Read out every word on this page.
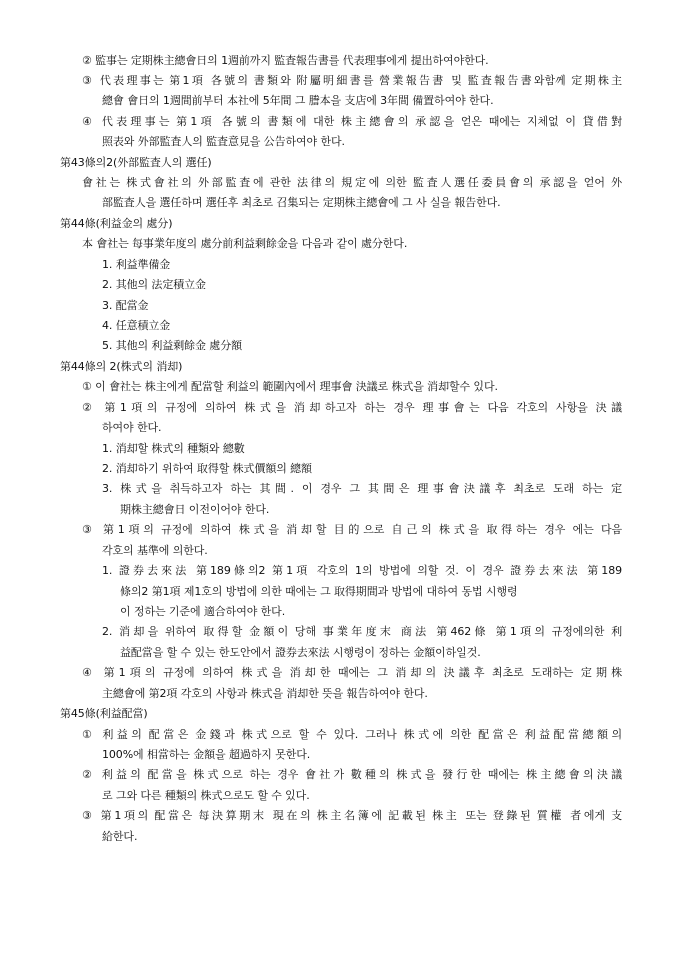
② 監事는 定期株主總會日의 1週前까지 監査報告書를 代表理事에게 提出하여야한다.
③ 代表理事는 第1項 各號의 書類와 附屬明細書를 營業報告書 및 監査報告書와함께 定期株主
總會 會日의 1週間前부터 本社에 5年間 그 謄本을 支店에 3年間 備置하여야 한다.
④ 代表理事는 第1項 各號의 書類에 대한 株主總會의 承認을 얻은 때에는 지체없 이 貸借對
照表와 外部監査人의 監査意見을 公告하여야 한다.
第43條의2(外部監査人의 選任)
會社는 株式會社의 外部監査에 관한 法律의 規定에 의한 監査人選任委員會의 承認을 얻어 外
部監査人을 選任하며 選任후 최초로 召集되는 定期株主總會에 그 사 실을 報告한다.
第44條(利益金의 處分)
本 會社는 每事業年度의 處分前利益剩餘金을 다음과 같이 處分한다.
1. 利益準備金
2. 其他의 法定積立金
3. 配當金
4. 任意積立金
5. 其他의 利益剩餘金 處分額
第44條의 2(株式의 消却)
① 이 會社는 株主에게 配當할 利益의 範圍內에서 理事會 決議로 株式을 消却할수 있다.
② 第1項의 규정에 의하여 株式을 消却하고자 하는 경우 理事會는 다음 각호의 사항을 決議
하여야 한다.
1. 消却할 株式의 種類와 總數
2. 消却하기 위하여 取得할 株式價額의 總額
3. 株式을 취득하고자 하는 其間. 이 경우 그 其間은 理事會決議후 최초로 도래 하는 定
期株主總會日 이전이어야 한다.
③ 第1項의 규정에 의하여 株式을 消却할 目的으로 自己의 株式을 取得하는 경우 에는 다음
각호의 基準에 의한다.
1. 證券去來法 第189條의2 第1項 각호의 1의 방법에 의할 것. 이 경우 證券去來法 第189
條의2 第1項 제1호의 방법에 의한 때에는 그 取得期間과 방법에 대하여 동법 시행령
이 정하는 기준에 適合하여야 한다.
2. 消却을 위하여 取得할 金額이 당해 事業年度末 商法 第462條 第1項의 규정에의한 利
益配當을 할 수 있는 한도안에서 證券去來法 시행령이 정하는 金額이하일것.
④ 第1項의 규정에 의하여 株式을 消却한 때에는 그 消却의 決議후 최초로 도래하는 定期株
主總會에 第2項 각호의 사항과 株式을 消却한 뜻을 報告하여야 한다.
第45條(利益配當)
① 利益의 配當은 金錢과 株式으로 할 수 있다. 그러나 株式에 의한 配當은 利益配當總額의
100%에 相當하는 金額을 超過하지 못한다.
② 利益의 配當을 株式으로 하는 경우 會社가 數種의 株式을 發行한 때에는 株主總會의決議
로 그와 다른 種類의 株式으로도 할 수 있다.
③ 第1項의 配當은 每決算期末 現在의 株主名簿에 記載된 株主 또는 登錄된 質權 者에게 支
給한다.
